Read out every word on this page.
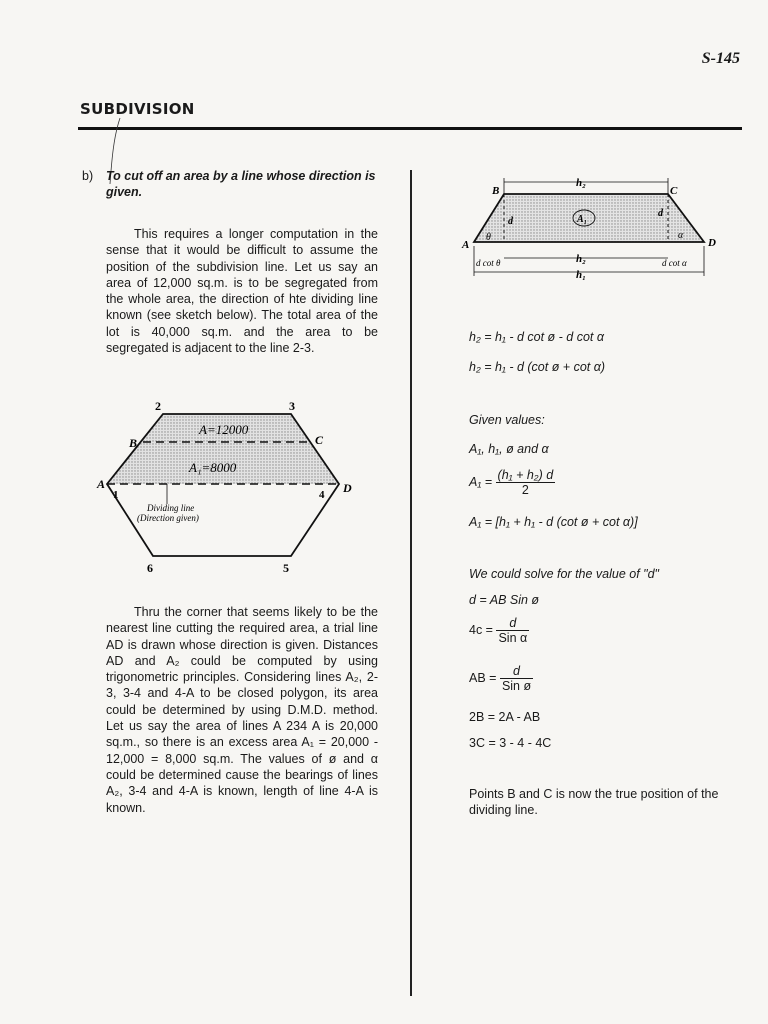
S-145
SUBDIVISION
b)	To cut off an area by a line whose direction is given.
This requires a longer computation in the sense that it would be difficult to assume the position of the subdivision line. Let us say an area of 12,000 sq.m. is to be segregated from the whole area, the direction of hte dividing line known (see sketch below). The total area of the lot is 40,000 sq.m. and the area to be segregated is adjacent to the line 2-3.
2	3
B	C
A	D
1	4
6	5
A=12000
A₁=8000
Dividing line
(Direction given)
Thru the corner that seems likely to be the nearest line cutting the required area, a trial line AD is drawn whose direction is given. Distances AD and A₂ could be computed by using trigonometric principles. Considering lines A₂, 2-3, 3-4 and 4-A to be closed polygon, its area could be determined by using D.M.D. method. Let us say the area of lines A 234 A is 20,000 sq.m., so there is an excess area A₁ = 20,000 - 12,000 = 8,000 sq.m. The values of ø and α could be determined cause the bearings of lines A₂, 3-4 and 4-A is known, length of line 4-A is known.
B	C
A	D
h₂
h₂
h₁
d
d
θ	α
A₁
d cot θ	d cot α
h₂ = h₁ - d cot ø - d cot α
h₂ = h₁ - d (cot ø + cot α)
Given values:
A₁, h₁, ø and α
$A_1 = \frac{\text{(h₁ + h₂) d}}{2}$
A₁ = [h₁ + h₁ - d (cot ø + cot α)]
We could solve for the value of "d"
d = AB Sin ø
$4c = \frac{d}{\text{Sin α}}$
AB = $\frac{d}{\text{Sin ø}}$
2B = 2A - AB
3C = 3 - 4 - 4C
Points B and C is now the true position of the dividing line.
